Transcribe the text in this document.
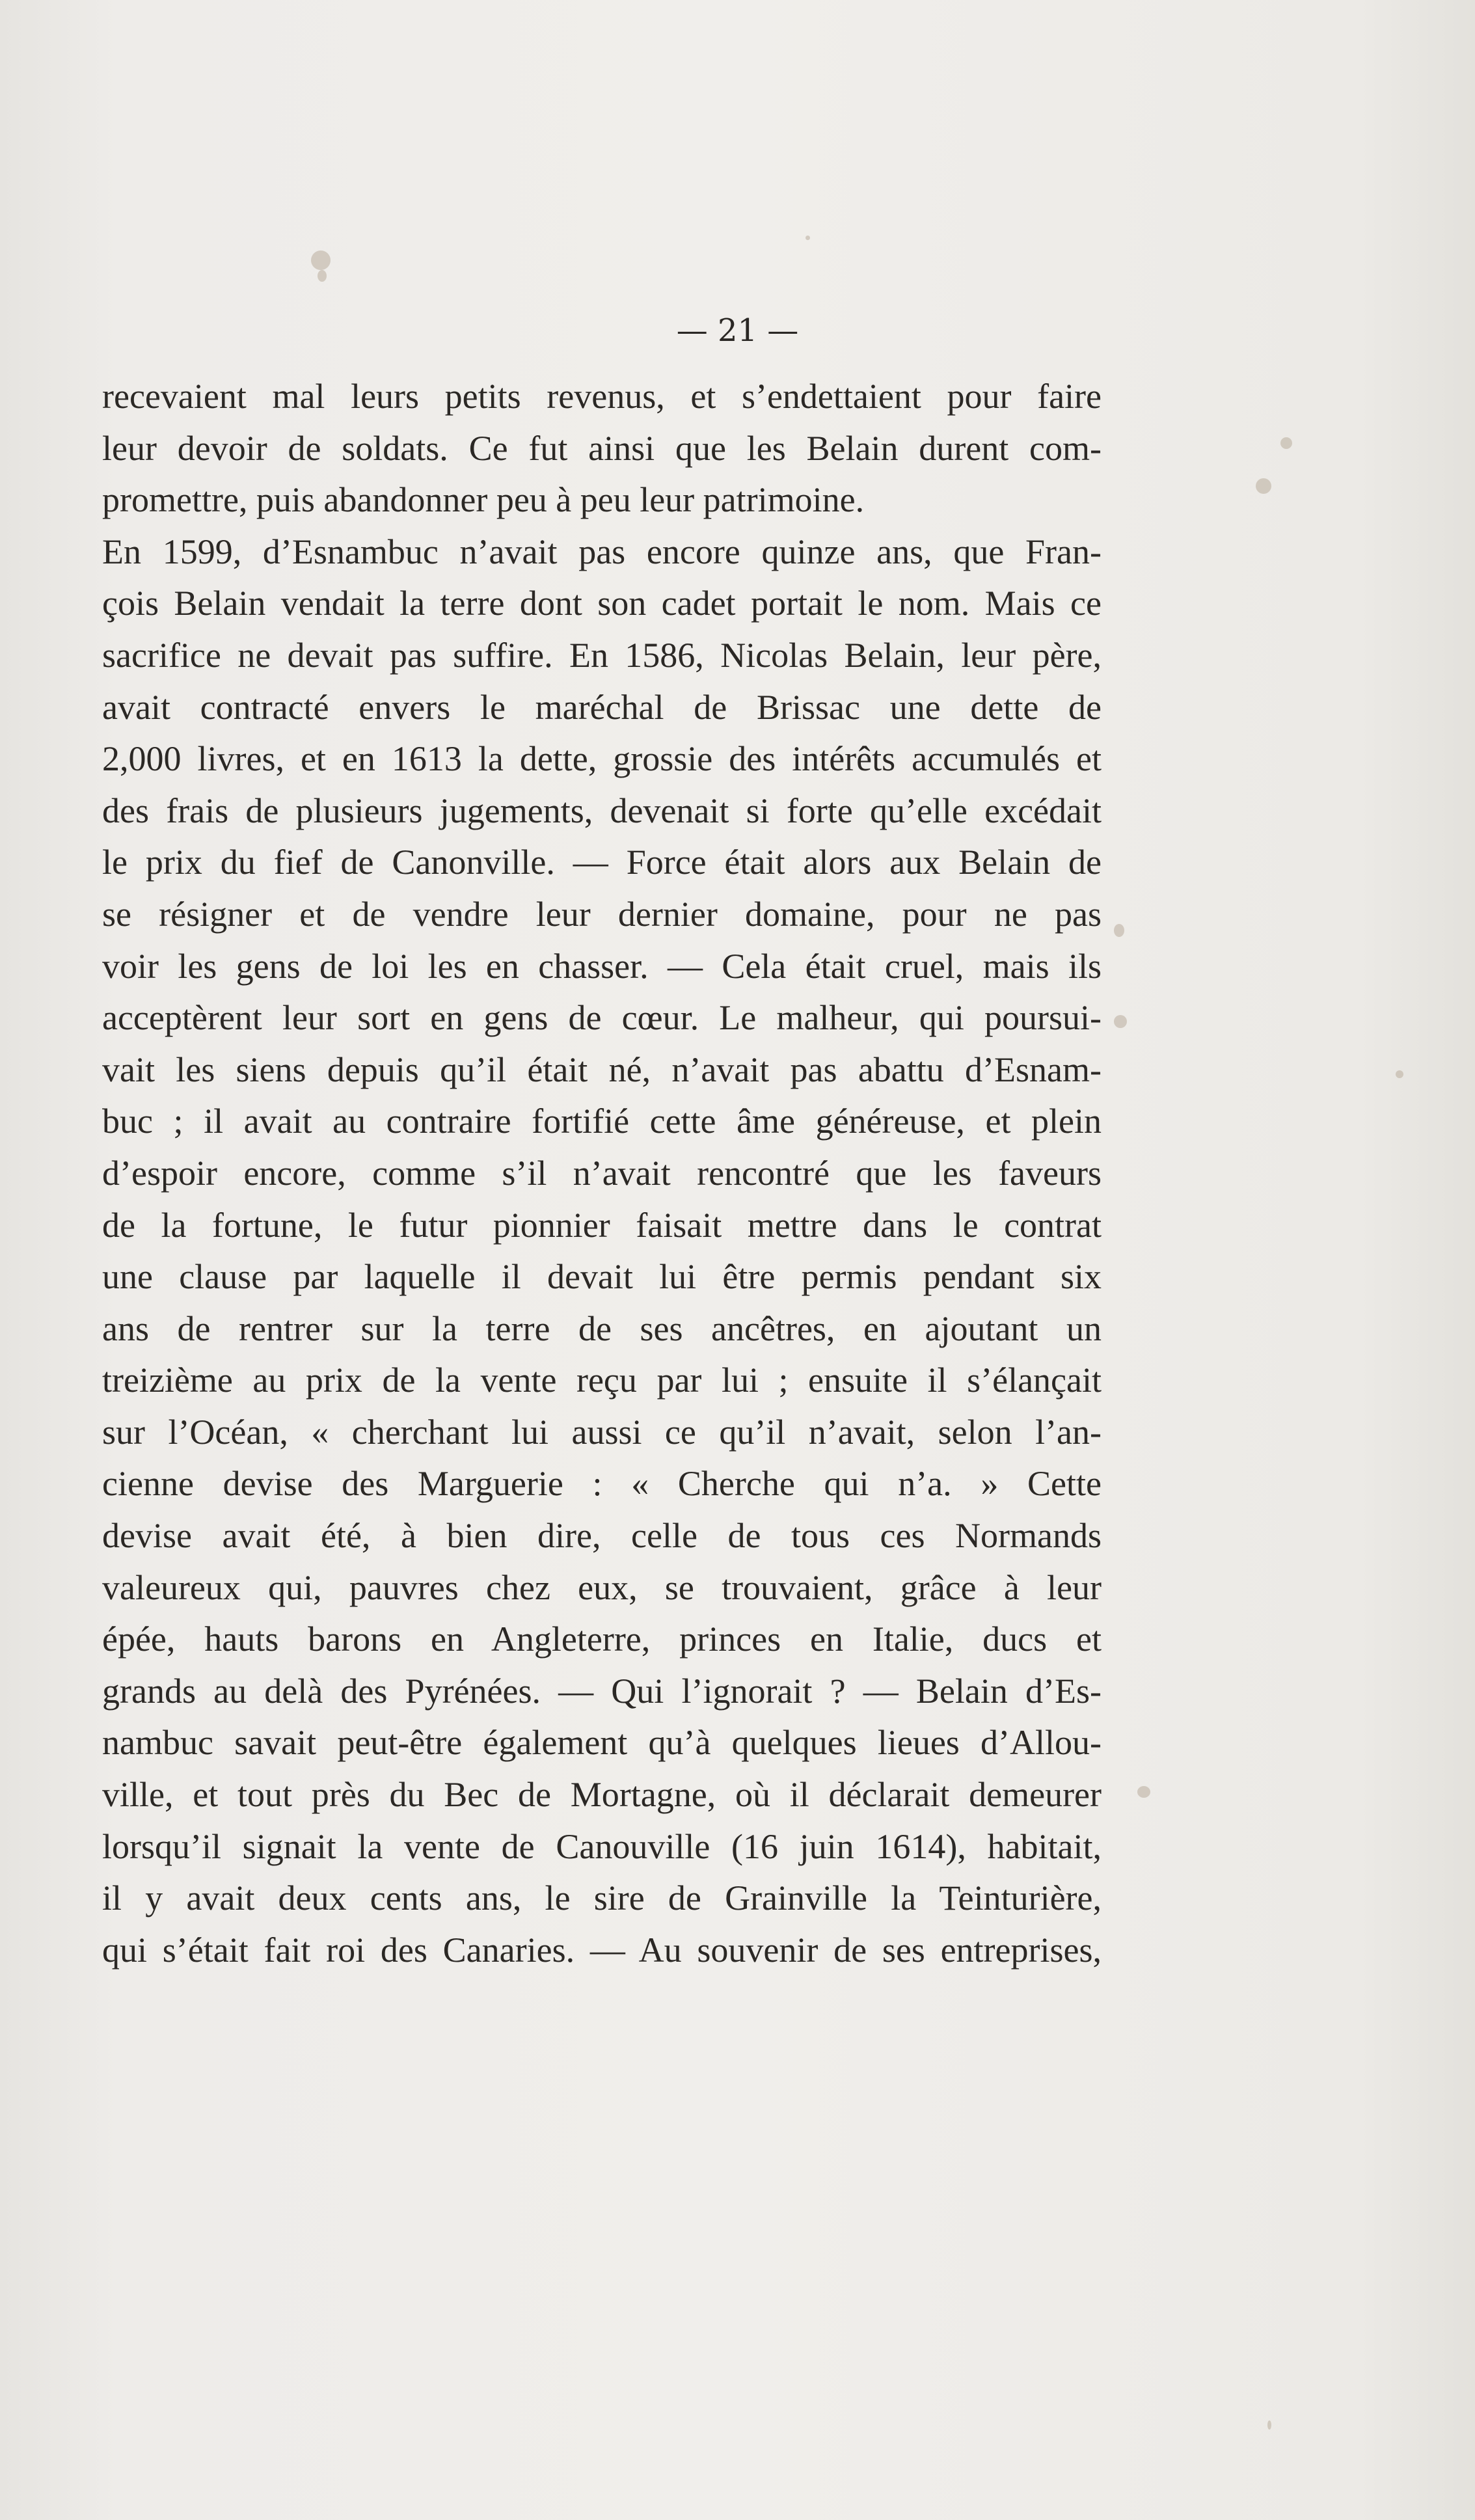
— 21 —
recevaient mal leurs petits revenus, et s’endettaient pour faire
leur devoir de soldats. Ce fut ainsi que les Belain durent com-
promettre, puis abandonner peu à peu leur patrimoine.
En 1599, d’Esnambuc n’avait pas encore quinze ans, que Fran-
çois Belain vendait la terre dont son cadet portait le nom. Mais ce
sacrifice ne devait pas suffire. En 1586, Nicolas Belain, leur père,
avait contracté envers le maréchal de Brissac une dette de
2,000 livres, et en 1613 la dette, grossie des intérêts accumulés et
des frais de plusieurs jugements, devenait si forte qu’elle excédait
le prix du fief de Canonville. — Force était alors aux Belain de
se résigner et de vendre leur dernier domaine, pour ne pas
voir les gens de loi les en chasser. — Cela était cruel, mais ils
acceptèrent leur sort en gens de cœur. Le malheur, qui poursui-
vait les siens depuis qu’il était né, n’avait pas abattu d’Esnam-
buc ; il avait au contraire fortifié cette âme généreuse, et plein
d’espoir encore, comme s’il n’avait rencontré que les faveurs
de la fortune, le futur pionnier faisait mettre dans le contrat
une clause par laquelle il devait lui être permis pendant six
ans de rentrer sur la terre de ses ancêtres, en ajoutant un
treizième au prix de la vente reçu par lui ; ensuite il s’élançait
sur l’Océan, « cherchant lui aussi ce qu’il n’avait, selon l’an-
cienne devise des Marguerie : « Cherche qui n’a. » Cette
devise avait été, à bien dire, celle de tous ces Normands
valeureux qui, pauvres chez eux, se trouvaient, grâce à leur
épée, hauts barons en Angleterre, princes en Italie, ducs et
grands au delà des Pyrénées. — Qui l’ignorait ? — Belain d’Es-
nambuc savait peut-être également qu’à quelques lieues d’Allou-
ville, et tout près du Bec de Mortagne, où il déclarait demeurer
lorsqu’il signait la vente de Canouville (16 juin 1614), habitait,
il y avait deux cents ans, le sire de Grainville la Teinturière,
qui s’était fait roi des Canaries. — Au souvenir de ses entreprises,
